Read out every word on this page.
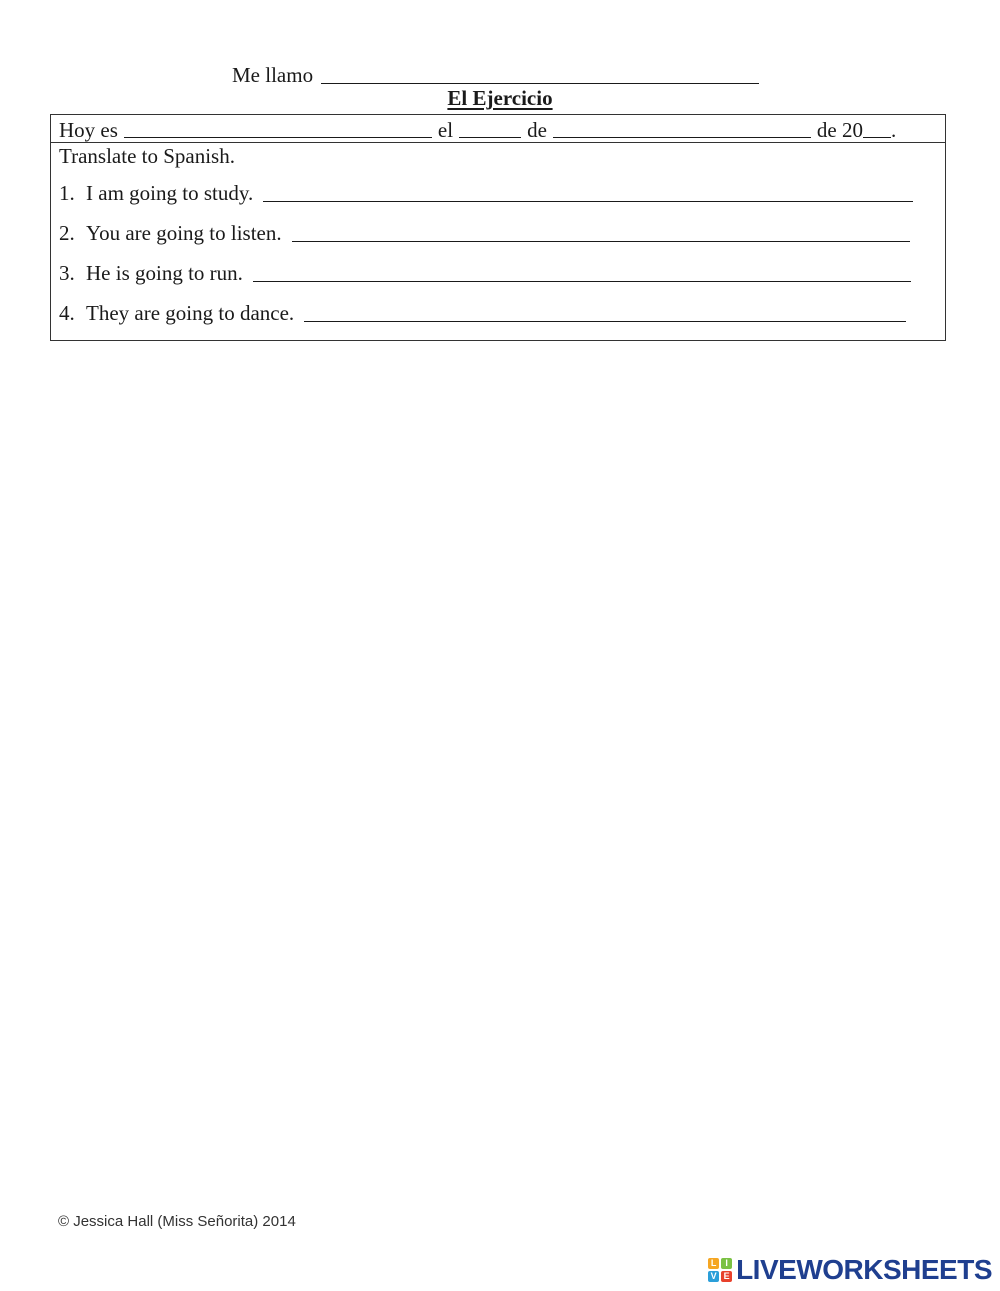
Me llamo
El Ejercicio
Hoy es	el	de	de 20 .
Translate to Spanish.
1. I am going to study.
2. You are going to listen.
3. He is going to run.
4. They are going to dance.
© Jessica Hall (Miss Señorita) 2014
L I
V E LIVEWORKSHEETS
